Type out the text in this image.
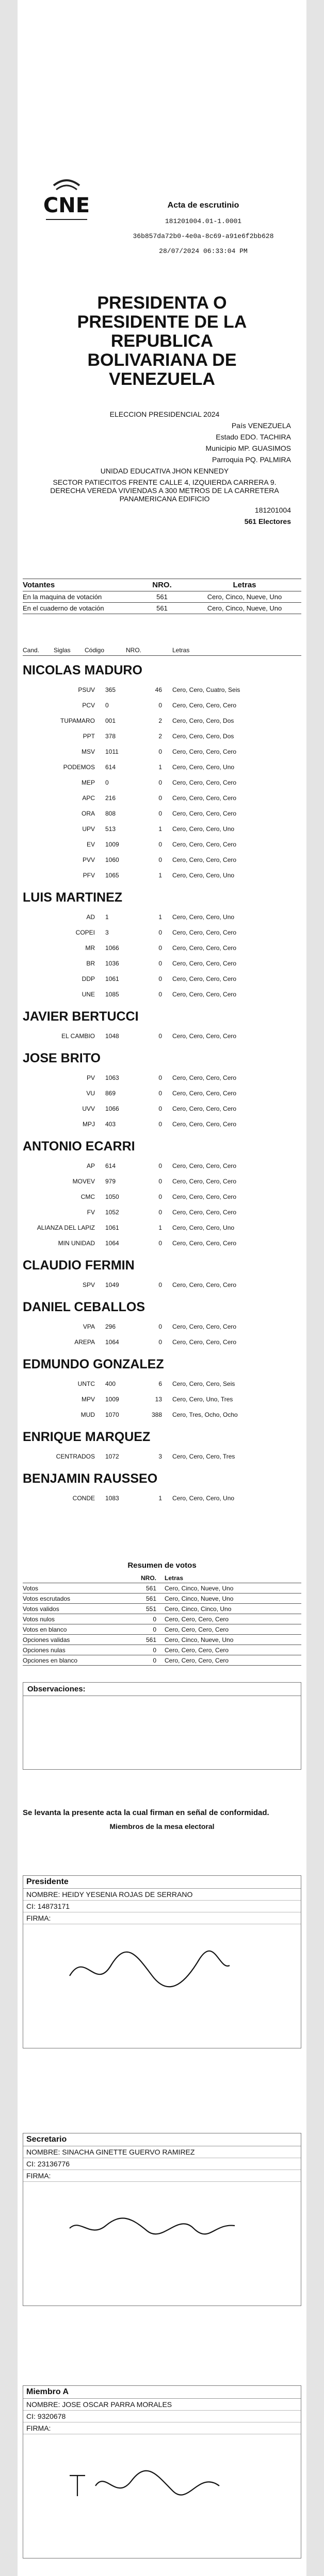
CNE	Acta de escrutinio
181201004.01-1.0001
36b857da72b0-4e0a-8c69-a91e6f2bb628
28/07/2024 06:33:04 PM
PRESIDENTA O
PRESIDENTE DE LA
REPUBLICA
BOLIVARIANA DE
VENEZUELA
ELECCION PRESIDENCIAL 2024
País VENEZUELA
Estado EDO. TACHIRA
Municipio MP. GUASIMOS
Parroquia PQ. PALMIRA
UNIDAD EDUCATIVA JHON KENNEDY
SECTOR PATIECITOS FRENTE CALLE 4, IZQUIERDA CARRERA 9. DERECHA VEREDA VIVIENDAS A 300 METROS DE LA CARRETERA PANAMERICANA EDIFICIO
181201004
561 Electores
Votantes	NRO.	Letras
En la maquina de votación	561	Cero, Cinco, Nueve, Uno
En el cuaderno de votación	561	Cero, Cinco, Nueve, Uno
Cand.	Siglas	Código	NRO.	Letras
NICOLAS MADURO
PSUV	365	46	Cero, Cero, Cuatro, Seis
PCV	0	0	Cero, Cero, Cero, Cero
TUPAMARO	001	2	Cero, Cero, Cero, Dos
PPT	378	2	Cero, Cero, Cero, Dos
MSV	1011	0	Cero, Cero, Cero, Cero
PODEMOS	614	1	Cero, Cero, Cero, Uno
MEP	0	0	Cero, Cero, Cero, Cero
APC	216	0	Cero, Cero, Cero, Cero
ORA	808	0	Cero, Cero, Cero, Cero
UPV	513	1	Cero, Cero, Cero, Uno
EV	1009	0	Cero, Cero, Cero, Cero
PVV	1060	0	Cero, Cero, Cero, Cero
PFV	1065	1	Cero, Cero, Cero, Uno
LUIS MARTINEZ
AD	1	1	Cero, Cero, Cero, Uno
COPEI	3	0	Cero, Cero, Cero, Cero
MR	1066	0	Cero, Cero, Cero, Cero
BR	1036	0	Cero, Cero, Cero, Cero
DDP	1061	0	Cero, Cero, Cero, Cero
UNE	1085	0	Cero, Cero, Cero, Cero
JAVIER BERTUCCI
EL CAMBIO	1048	0	Cero, Cero, Cero, Cero
JOSE BRITO
PV	1063	0	Cero, Cero, Cero, Cero
VU	869	0	Cero, Cero, Cero, Cero
UVV	1066	0	Cero, Cero, Cero, Cero
MPJ	403	0	Cero, Cero, Cero, Cero
ANTONIO ECARRI
AP	614	0	Cero, Cero, Cero, Cero
MOVEV	979	0	Cero, Cero, Cero, Cero
CMC	1050	0	Cero, Cero, Cero, Cero
FV	1052	0	Cero, Cero, Cero, Cero
ALIANZA DEL LAPIZ	1061	1	Cero, Cero, Cero, Uno
MIN UNIDAD	1064	0	Cero, Cero, Cero, Cero
CLAUDIO FERMIN
SPV	1049	0	Cero, Cero, Cero, Cero
DANIEL CEBALLOS
VPA	296	0	Cero, Cero, Cero, Cero
AREPA	1064	0	Cero, Cero, Cero, Cero
EDMUNDO GONZALEZ
UNTC	400	6	Cero, Cero, Cero, Seis
MPV	1009	13	Cero, Cero, Uno, Tres
MUD	1070	388	Cero, Tres, Ocho, Ocho
ENRIQUE MARQUEZ
CENTRADOS	1072	3	Cero, Cero, Cero, Tres
BENJAMIN RAUSSEO
CONDE	1083	1	Cero, Cero, Cero, Uno
Resumen de votos
NRO.	Letras
Votos	561	Cero, Cinco, Nueve, Uno
Votos escrutados	561	Cero, Cinco, Nueve, Uno
Votos validos	551	Cero, Cinco, Cinco, Uno
Votos nulos	0	Cero, Cero, Cero, Cero
Votos en blanco	0	Cero, Cero, Cero, Cero
Opciones validas	561	Cero, Cinco, Nueve, Uno
Opciones nulas	0	Cero, Cero, Cero, Cero
Opciones en blanco	0	Cero, Cero, Cero, Cero
Observaciones:
Se levanta la presente acta la cual firman en señal de conformidad.
Miembros de la mesa electoral
Presidente
NOMBRE: HEIDY YESENIA ROJAS DE SERRANO
CI: 14873171
FIRMA:
Secretario
NOMBRE: SINACHA GINETTE GUERVO RAMIREZ
CI: 23136776
FIRMA:
Miembro A
NOMBRE: JOSE OSCAR PARRA MORALES
CI: 9320678
FIRMA:
